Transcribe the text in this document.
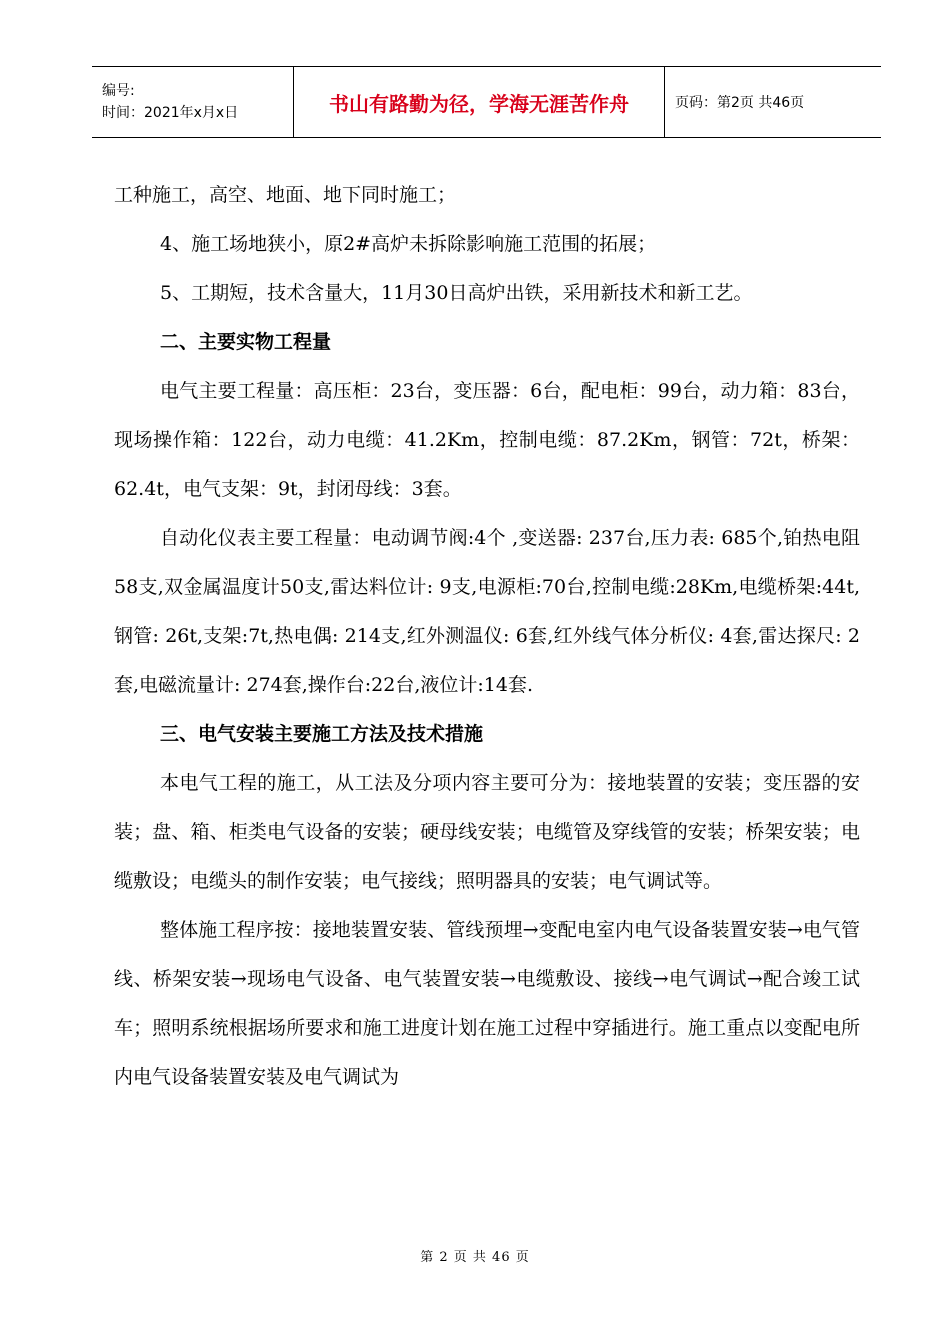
编号:
时间：2021年x月x日	书山有路勤为径，学海无涯苦作舟	页码：第2页 共46页

工种施工，高空、地面、地下同时施工；

4、施工场地狭小，原2#高炉未拆除影响施工范围的拓展；

5、工期短，技术含量大，11月30日高炉出铁，采用新技术和新工艺。

二、主要实物工程量

电气主要工程量：高压柜：23台，变压器：6台，配电柜：99台，动力箱：83台，现场操作箱：122台，动力电缆：41.2Km，控制电缆：87.2Km，钢管：72t，桥架：62.4t，电气支架：9t，封闭母线：3套。

自动化仪表主要工程量：电动调节阀:4个 ,变送器: 237台,压力表: 685个,铂热电阻58支,双金属温度计50支,雷达料位计: 9支,电源柜:70台,控制电缆:28Km,电缆桥架:44t,钢管: 26t,支架:7t,热电偶: 214支,红外测温仪: 6套,红外线气体分析仪: 4套,雷达探尺: 2套,电磁流量计: 274套,操作台:22台,液位计:14套.

三、电气安装主要施工方法及技术措施

本电气工程的施工，从工法及分项内容主要可分为：接地装置的安装；变压器的安装；盘、箱、柜类电气设备的安装；硬母线安装；电缆管及穿线管的安装；桥架安装；电缆敷设；电缆头的制作安装；电气接线；照明器具的安装；电气调试等。

整体施工程序按：接地装置安装、管线预埋→变配电室内电气设备装置安装→电气管线、桥架安装→现场电气设备、电气装置安装→电缆敷设、接线→电气调试→配合竣工试车；照明系统根据场所要求和施工进度计划在施工过程中穿插进行。施工重点以变配电所内电气设备装置安装及电气调试为

第 2 页 共 46 页
